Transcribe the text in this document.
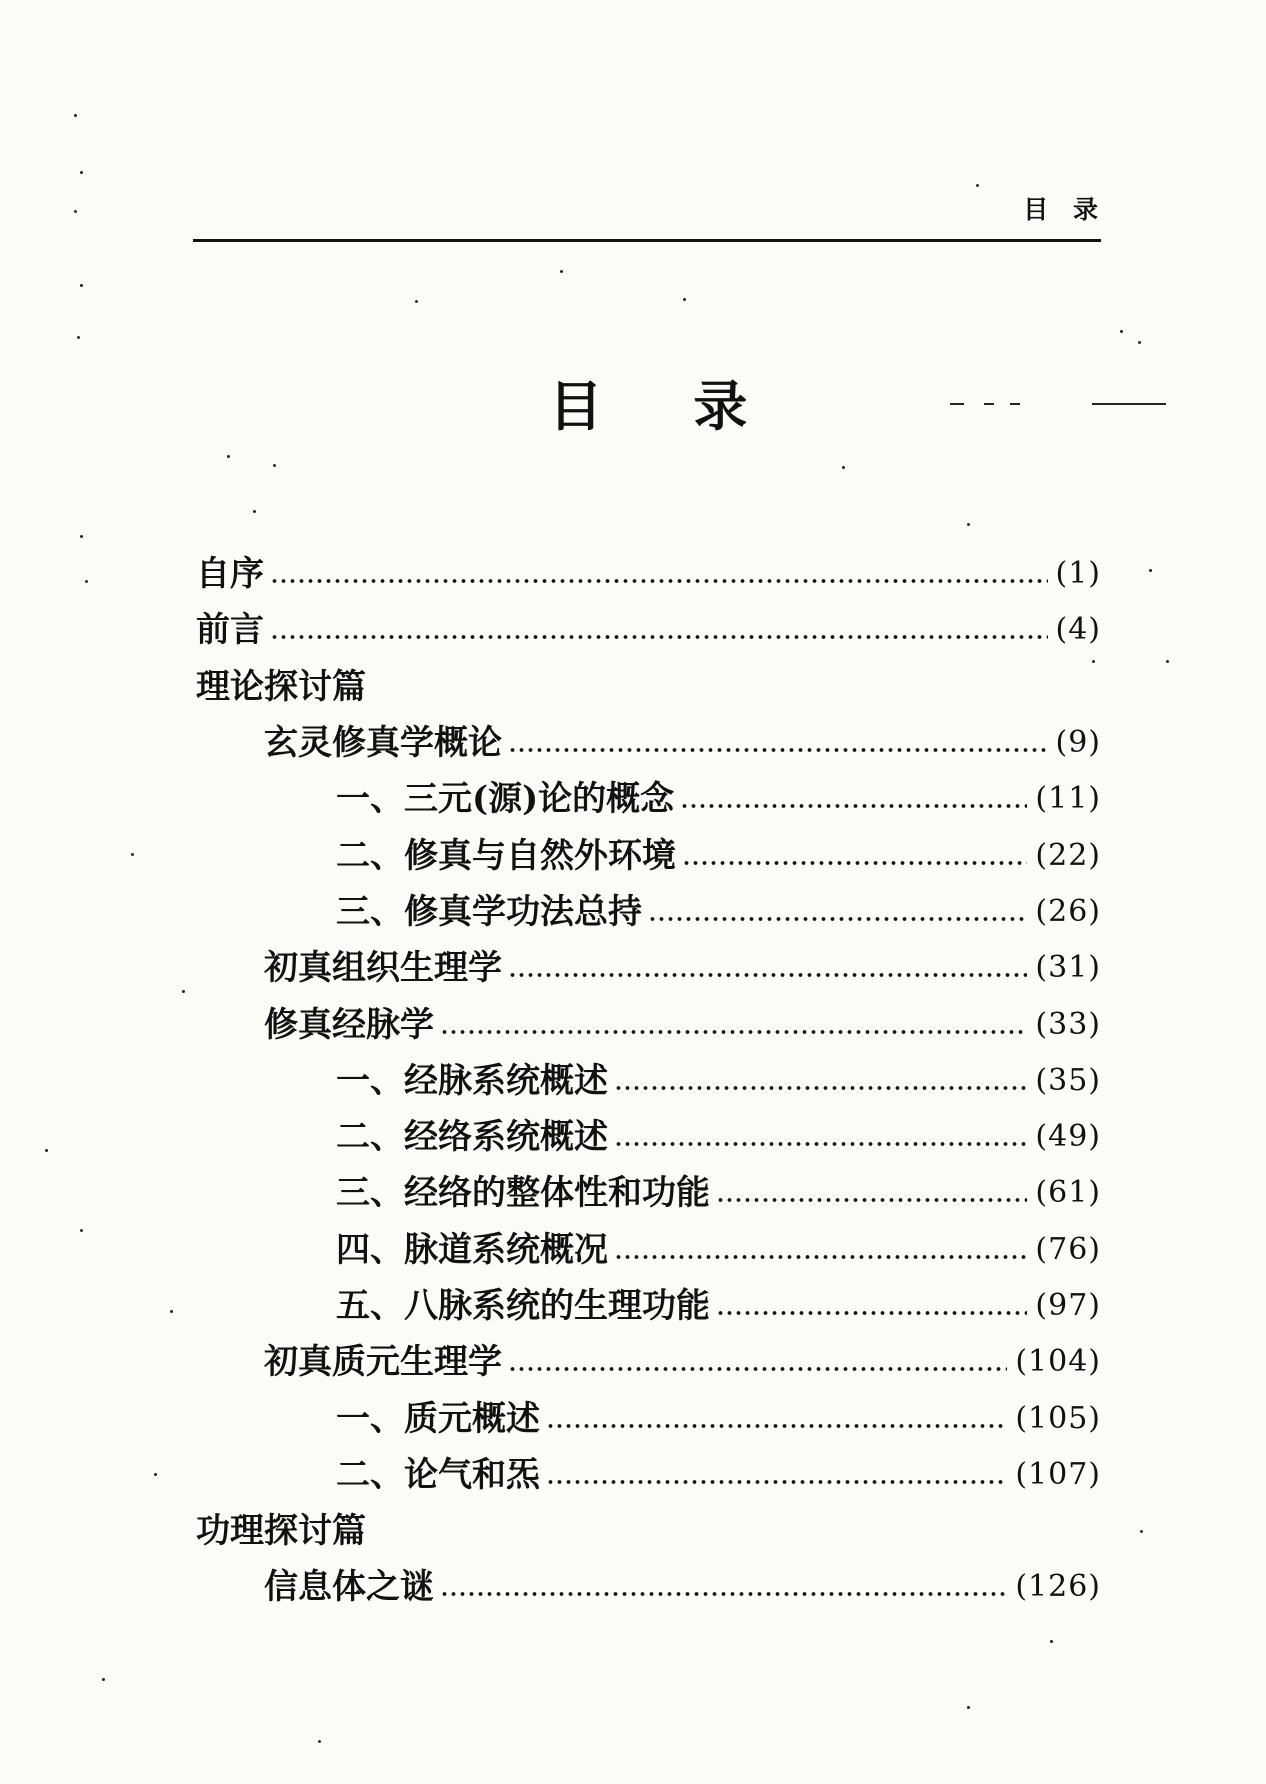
目 录
目 录
自序	(1)
前言	(4)
理论探讨篇
玄灵修真学概论	(9)
一、三元(源)论的概念	(11)
二、修真与自然外环境	(22)
三、修真学功法总持	(26)
初真组织生理学	(31)
修真经脉学	(33)
一、经脉系统概述	(35)
二、经络系统概述	(49)
三、经络的整体性和功能	(61)
四、脉道系统概况	(76)
五、八脉系统的生理功能	(97)
初真质元生理学	(104)
一、质元概述	(105)
二、论气和炁	(107)
功理探讨篇
信息体之谜	(126)
